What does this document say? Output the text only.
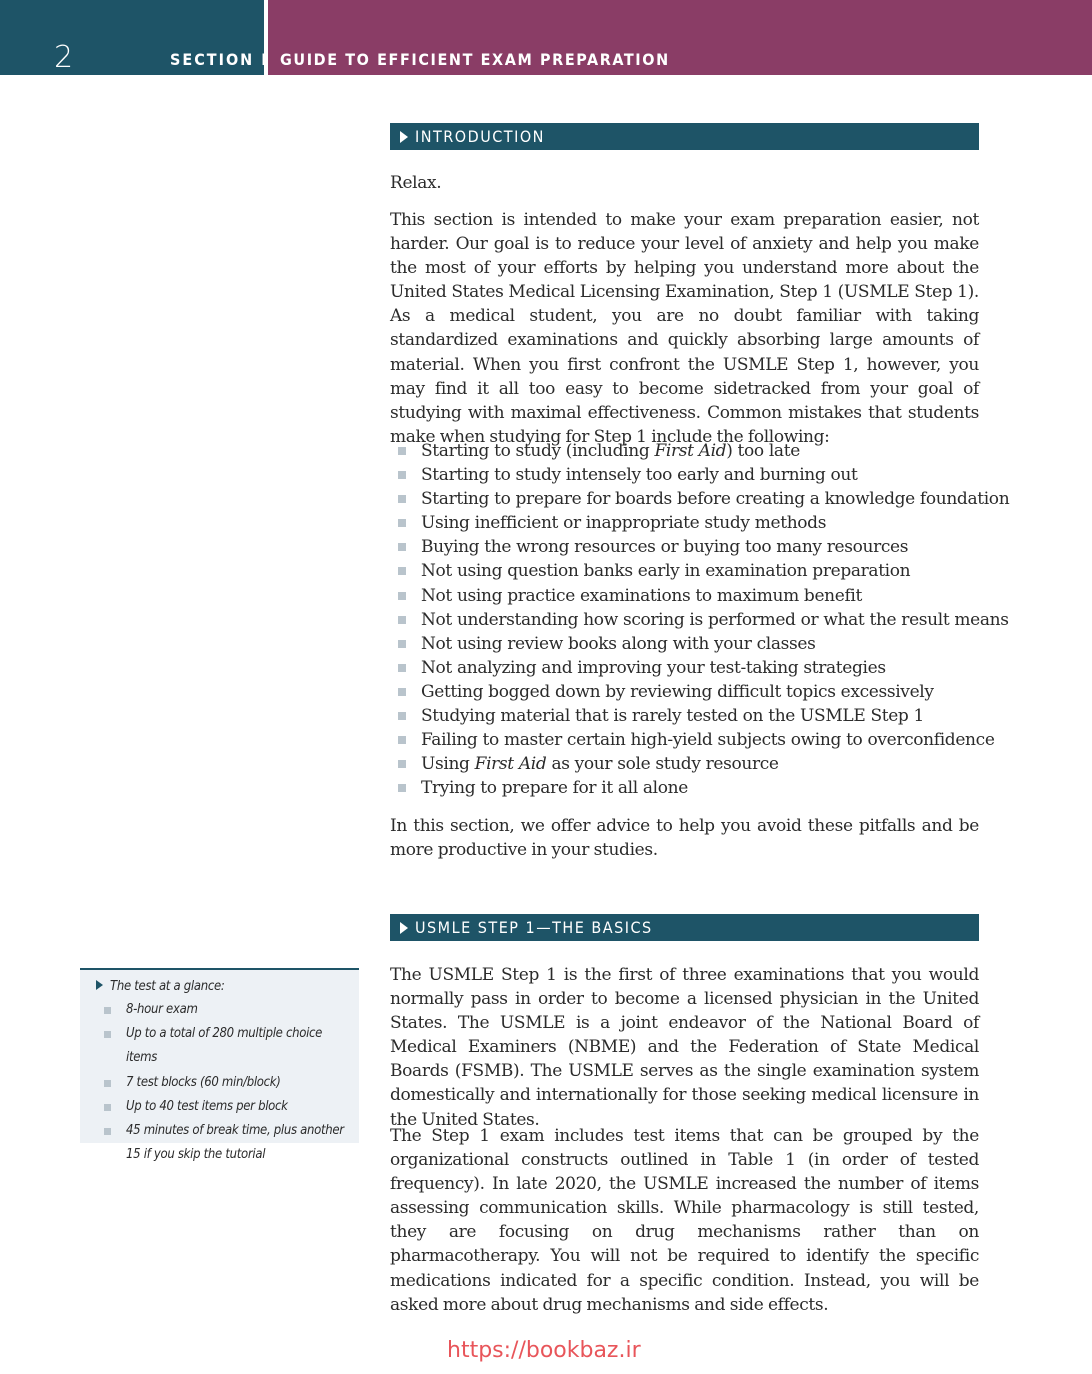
2	SECTION I GUIDE TO EFFICIENT EXAM PREPARATION
INTRODUCTION

Relax.

This section is intended to make your exam preparation easier, not harder. Our goal is to reduce your level of anxiety and help you make the most of your efforts by helping you understand more about the United States Medical Licensing Examination, Step 1 (USMLE Step 1). As a medical student, you are no doubt familiar with taking standardized examinations and quickly absorbing large amounts of material. When you first confront the USMLE Step 1, however, you may find it all too easy to become sidetracked from your goal of studying with maximal effectiveness. Common mistakes that students make when studying for Step 1 include the following:

Starting to study (including First Aid) too late
Starting to study intensely too early and burning out
Starting to prepare for boards before creating a knowledge foundation
Using inefficient or inappropriate study methods
Buying the wrong resources or buying too many resources
Not using question banks early in examination preparation
Not using practice examinations to maximum benefit
Not understanding how scoring is performed or what the result means
Not using review books along with your classes
Not analyzing and improving your test-taking strategies
Getting bogged down by reviewing difficult topics excessively
Studying material that is rarely tested on the USMLE Step 1
Failing to master certain high-yield subjects owing to overconfidence
Using First Aid as your sole study resource
Trying to prepare for it all alone

In this section, we offer advice to help you avoid these pitfalls and be more productive in your studies.

USMLE STEP 1—THE BASICS

The USMLE Step 1 is the first of three examinations that you would normally pass in order to become a licensed physician in the United States. The USMLE is a joint endeavor of the National Board of Medical Examiners (NBME) and the Federation of State Medical Boards (FSMB). The USMLE serves as the single examination system domestically and internationally for those seeking medical licensure in the United States.

The Step 1 exam includes test items that can be grouped by the organizational constructs outlined in Table 1 (in order of tested frequency). In late 2020, the USMLE increased the number of items assessing communication skills. While pharmacology is still tested, they are focusing on drug mechanisms rather than on pharmacotherapy. You will not be required to identify the specific medications indicated for a specific condition. Instead, you will be asked more about drug mechanisms and side effects.

The test at a glance:
8-hour exam
Up to a total of 280 multiple choice items
7 test blocks (60 min/block)
Up to 40 test items per block
45 minutes of break time, plus another 15 if you skip the tutorial
https://bookbaz.ir
